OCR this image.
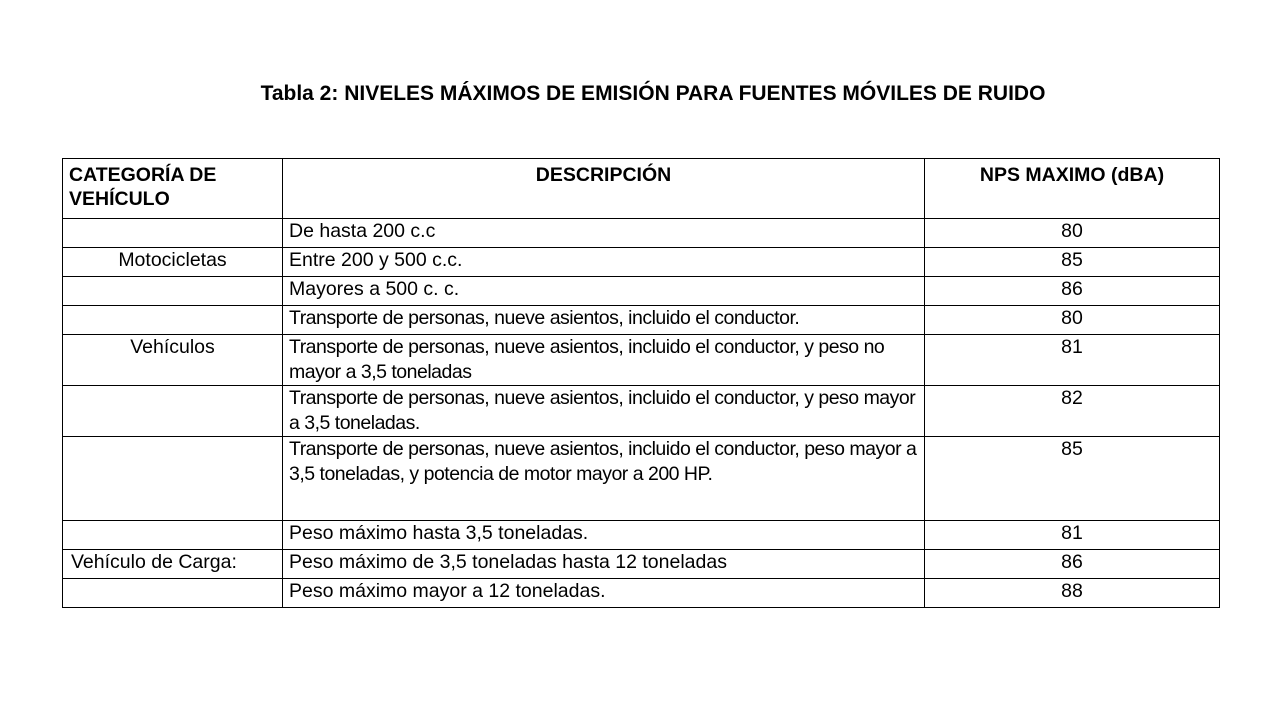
Tabla 2: NIVELES MÁXIMOS DE EMISIÓN PARA FUENTES MÓVILES DE RUIDO
CATEGORÍA DE
VEHÍCULO	DESCRIPCIÓN	NPS MAXIMO (dBA)
	De hasta 200 c.c	80
Motocicletas	Entre 200 y 500 c.c.	85
	Mayores a 500 c. c.	86
	Transporte de personas, nueve asientos, incluido el conductor.	80
Vehículos	Transporte de personas, nueve asientos, incluido el conductor, y peso no mayor a 3,5 toneladas	81
	Transporte de personas, nueve asientos, incluido el conductor, y peso mayor a 3,5 toneladas.	82
	Transporte de personas, nueve asientos, incluido el conductor, peso mayor a 3,5 toneladas, y potencia de motor mayor a 200 HP.	85
	Peso máximo hasta 3,5 toneladas.	81
Vehículo de Carga:	Peso máximo de 3,5 toneladas hasta 12 toneladas	86
	Peso máximo mayor a 12 toneladas.	88
